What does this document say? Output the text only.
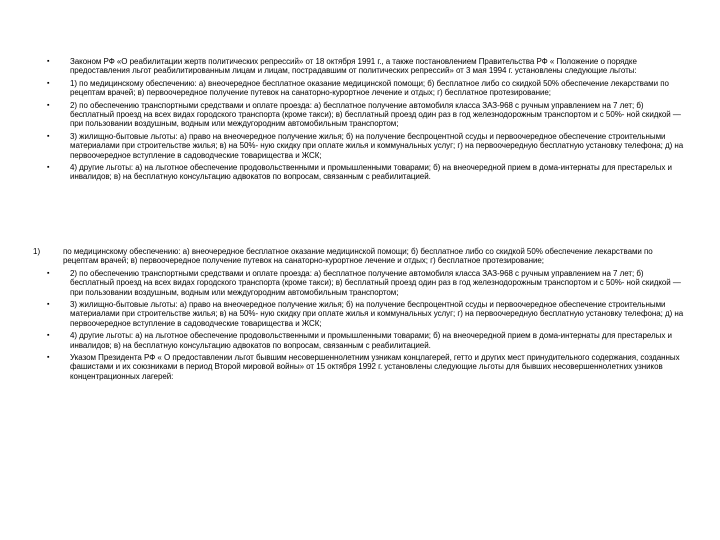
▪	Законом РФ «О реабилитации жертв политических репрессий» от 18 октября 1991 г., а также постановлением Правительства РФ « Положение о порядке предоставления льгот реабилитированным лицам и лицам, пострадавшим от политических репрессий» от 3 мая 1994 г. установлены следующие льготы:
▪	1) по медицинскому обеспечению: а) внеочередное бесплатное оказание медицинской помощи; б) бесплатное либо со скидкой 50% обеспечение лекарствами по рецептам врачей; в) первоочередное получение путевок на санаторно-курортное лечение и отдых; г) бесплатное протезирование;
▪	2) по обеспечению транспортными средствами и оплате проезда: а) бесплатное получение автомобиля класса ЗАЗ-968 с ручным управлением на 7 лет; б) бесплатный проезд на всех видах городского транспорта (кроме такси); в) бесплатный проезд один раз в год железнодорожным транспортом и с 50%- ной скидкой — при пользовании воздушным, водным или междугородним автомобильным транспортом;
▪	3) жилищно-бытовые льготы: а) право на внеочередное получение жилья; б) на получение беспроцентной ссуды и первоочередное обеспечение строительными материалами при строительстве жилья; в) на 50%- ную скидку при оплате жилья и коммунальных услуг; г) на первоочередную бесплатную установку телефона; д) на первоочередное вступление в садоводческие товарищества и ЖСК;
▪	4) другие льготы: а) на льготное обеспечение продовольственными и промышленными товарами; б) на внеочередной прием в дома-интернаты для престарелых и инвалидов; в) на бесплатную консультацию адвокатов по вопросам, связанным с реабилитацией.
1)	по медицинскому обеспечению: а) внеочередное бесплатное оказание медицинской помощи; б) бесплатное либо со скидкой 50% обеспечение лекарствами по рецептам врачей; в) первоочередное получение путевок на санаторно-курортное лечение и отдых; г) бесплатное протезирование;
▪	2) по обеспечению транспортными средствами и оплате проезда: а) бесплатное получение автомобиля класса ЗАЗ-968 с ручным управлением на 7 лет; б) бесплатный проезд на всех видах городского транспорта (кроме такси); в) бесплатный проезд один раз в год железнодорожным транспортом и с 50%- ной скидкой — при пользовании воздушным, водным или междугородним автомобильным транспортом;
▪	3) жилищно-бытовые льготы: а) право на внеочередное получение жилья; б) на получение беспроцентной ссуды и первоочередное обеспечение строительными материалами при строительстве жилья; в) на 50%- ную скидку при оплате жилья и коммунальных услуг; г) на первоочередную бесплатную установку телефона; д) на первоочередное вступление в садоводческие товарищества и ЖСК;
▪	4) другие льготы: а) на льготное обеспечение продовольственными и промышленными товарами; б) на внеочередной прием в дома-интернаты для престарелых и инвалидов; в) на бесплатную консультацию адвокатов по вопросам, связанным с реабилитацией.
▪	Указом Президента РФ « О предоставлении льгот бывшим несовершеннолетним узникам концлагерей, гетто и других мест принудительного содержания, созданных фашистами и их союзниками в период Второй мировой войны» от 15 октября 1992 г. установлены следующие льготы для бывших несовершеннолетних узников концентрационных лагерей:
